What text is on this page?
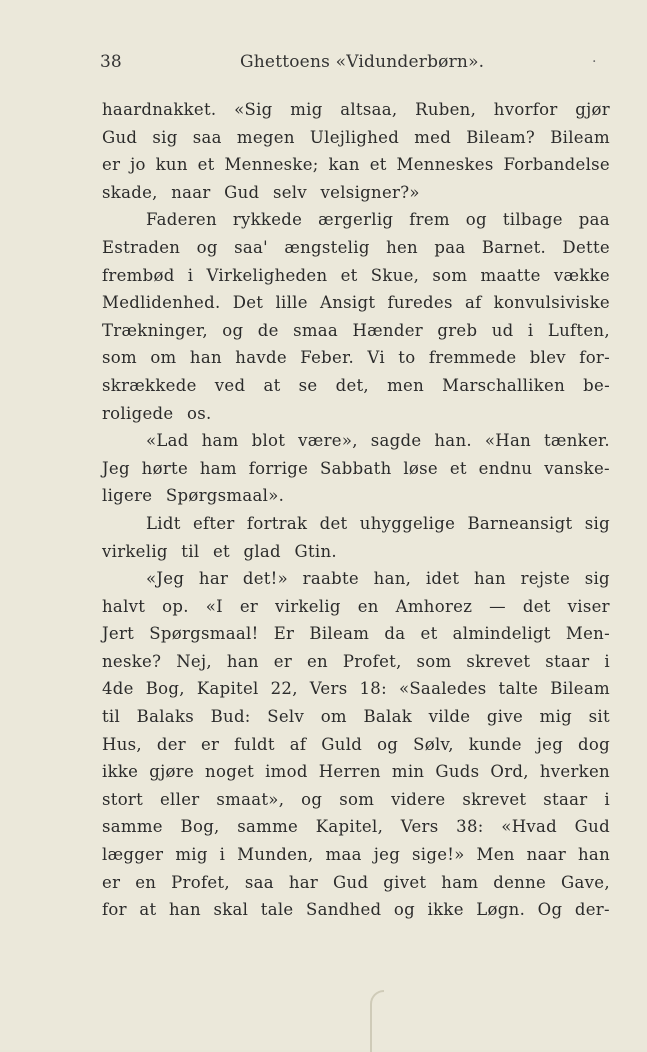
38	Ghettoens «Vidunderbørn».	.
haardnakket. «Sig mig altsaa, Ruben, hvorfor gjør
Gud sig saa megen Ulejlighed med Bileam? Bileam
er jo kun et Menneske; kan et Menneskes Forbandelse
skade, naar Gud selv velsigner?»
Faderen rykkede ærgerlig frem og tilbage paa
Estraden og saa' ængstelig hen paa Barnet. Dette
frembød i Virkeligheden et Skue, som maatte vække
Medlidenhed. Det lille Ansigt furedes af konvulsiviske
Trækninger, og de smaa Hænder greb ud i Luften,
som om han havde Feber. Vi to fremmede blev for-
skrækkede ved at se det, men Marschalliken be-
roligede os.
«Lad ham blot være», sagde han. «Han tænker.
Jeg hørte ham forrige Sabbath løse et endnu vanske-
ligere Spørgsmaal».
Lidt efter fortrak det uhyggelige Barneansigt sig
virkelig til et glad Gtin.
«Jeg har det!» raabte han, idet han rejste sig
halvt op. «I er virkelig en Amhorez — det viser
Jert Spørgsmaal! Er Bileam da et almindeligt Men-
neske? Nej, han er en Profet, som skrevet staar i
4de Bog, Kapitel 22, Vers 18: «Saaledes talte Bileam
til Balaks Bud: Selv om Balak vilde give mig sit
Hus, der er fuldt af Guld og Sølv, kunde jeg dog
ikke gjøre noget imod Herren min Guds Ord, hverken
stort eller smaat», og som videre skrevet staar i
samme Bog, samme Kapitel, Vers 38: «Hvad Gud
lægger mig i Munden, maa jeg sige!» Men naar han
er en Profet, saa har Gud givet ham denne Gave,
for at han skal tale Sandhed og ikke Løgn. Og der-
